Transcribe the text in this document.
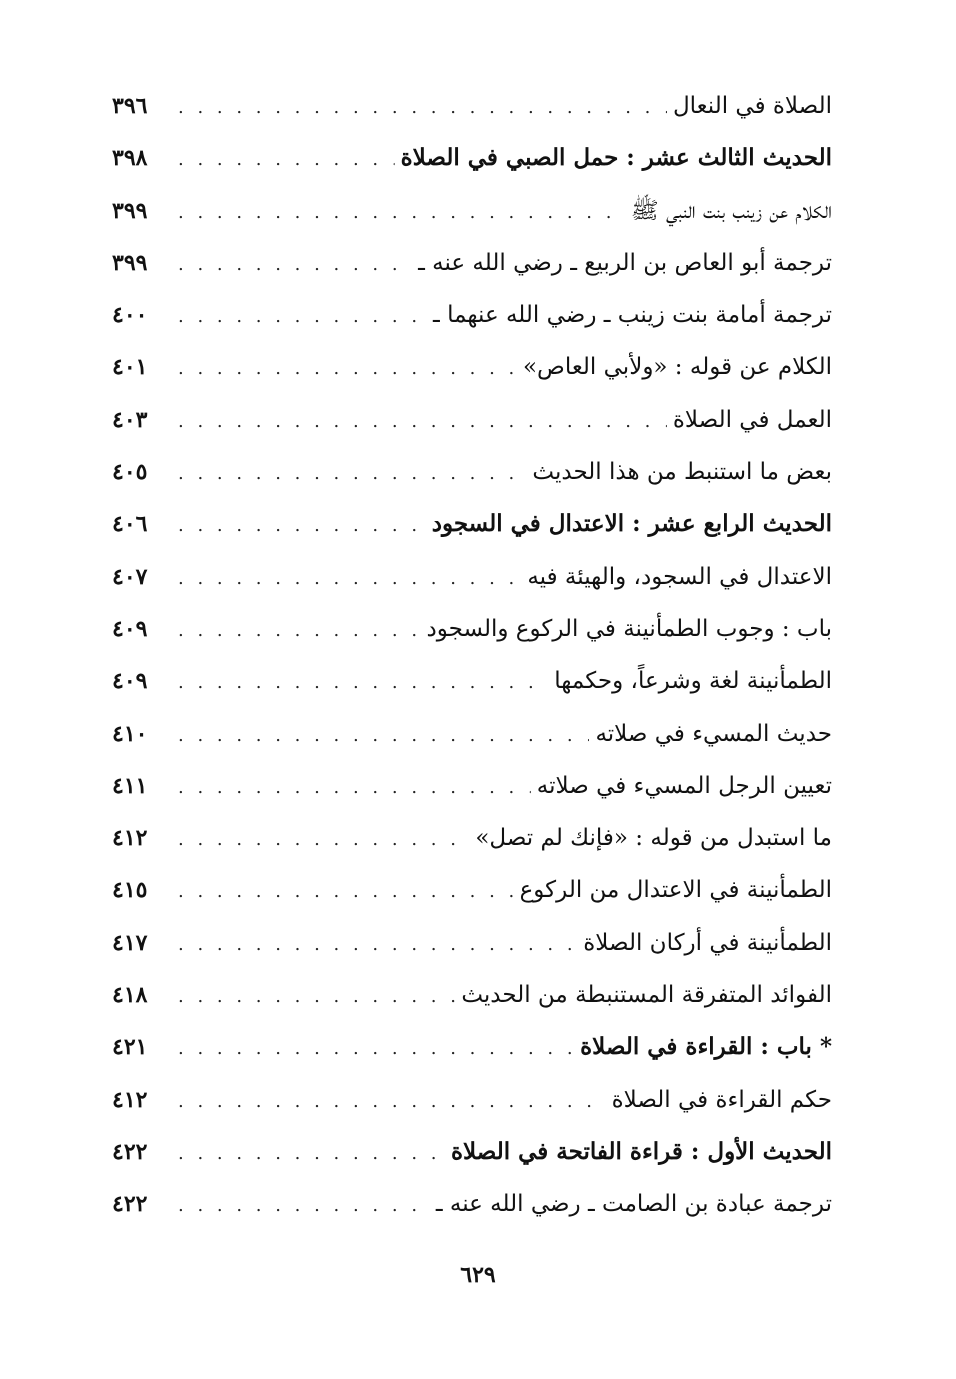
الصلاة في النعال
. . .
٣٩٦
الحديث الثالث عشر : حمل الصبي في الصلاة
. . .
٣٩٨
الكلام عن زينب بنت النبي ﷺ
. . .
٣٩٩
ترجمة أبو العاص بن الربيع ـ رضي الله عنه ـ
. . .
٣٩٩
ترجمة أمامة بنت زينب ـ رضي الله عنهما ـ
. . .
٤٠٠
الكلام عن قوله : «ولأبي العاص»
. . .
٤٠١
العمل في الصلاة
. . .
٤٠٣
بعض ما استنبط من هذا الحديث
. . .
٤٠٥
الحديث الرابع عشر : الاعتدال في السجود
. . .
٤٠٦
الاعتدال في السجود، والهيئة فيه
. . .
٤٠٧
باب : وجوب الطمأنينة في الركوع والسجود
. . .
٤٠٩
الطمأنينة لغة وشرعاً، وحكمها
. . .
٤٠٩
حديث المسيء في صلاته
. . .
٤١٠
تعيين الرجل المسيء في صلاته
. . .
٤١١
ما استبدل من قوله : «فإنك لم تصل»
. . .
٤١٢
الطمأنينة في الاعتدال من الركوع
. . .
٤١٥
الطمأنينة في أركان الصلاة
. . .
٤١٧
الفوائد المتفرقة المستنبطة من الحديث
. . .
٤١٨
* باب : القراءة في الصلاة
. . .
٤٢١
حكم القراءة في الصلاة
. . .
٤١٢
الحديث الأول : قراءة الفاتحة في الصلاة
. . .
٤٢٢
ترجمة عبادة بن الصامت ـ رضي الله عنه ـ
. . .
٤٢٢
٦٢٩
